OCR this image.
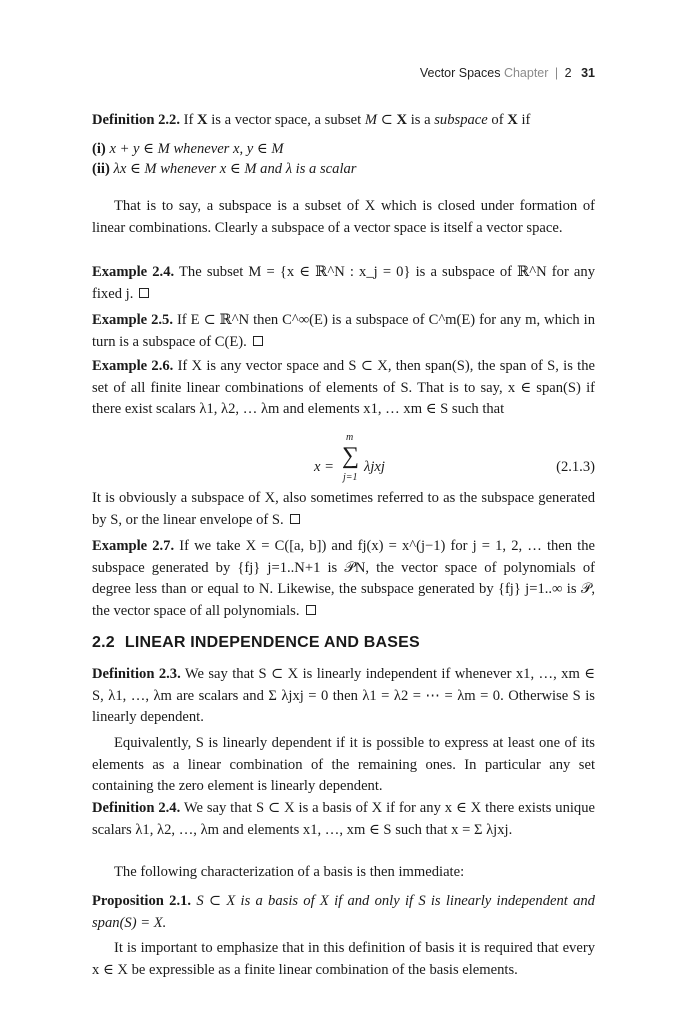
Vector Spaces Chapter | 2 31
Definition 2.2. If X is a vector space, a subset M ⊂ X is a subspace of X if
(i) x + y ∈ M whenever x, y ∈ M
(ii) λx ∈ M whenever x ∈ M and λ is a scalar
That is to say, a subspace is a subset of X which is closed under formation of linear combinations. Clearly a subspace of a vector space is itself a vector space.
Example 2.4. The subset M = {x ∈ ℝ^N : x_j = 0} is a subspace of ℝ^N for any fixed j.
Example 2.5. If E ⊂ ℝ^N then C^∞(E) is a subspace of C^m(E) for any m, which in turn is a subspace of C(E).
Example 2.6. If X is any vector space and S ⊂ X, then span(S), the span of S, is the set of all finite linear combinations of elements of S. That is to say, x ∈ span(S) if there exist scalars λ1, λ2, … λm and elements x1, … xm ∈ S such that
x =
m
∑
j=1
λjxj	(2.1.3)
It is obviously a subspace of X, also sometimes referred to as the subspace generated by S, or the linear envelope of S.
Example 2.7. If we take X = C([a, b]) and fj(x) = x^(j−1) for j = 1, 2, … then the subspace generated by {fj} j=1..N+1 is 𝒫N, the vector space of polynomials of degree less than or equal to N. Likewise, the subspace generated by {fj} j=1..∞ is 𝒫, the vector space of all polynomials.
2.2 LINEAR INDEPENDENCE AND BASES
Definition 2.3. We say that S ⊂ X is linearly independent if whenever x1, …, xm ∈ S, λ1, …, λm are scalars and Σ λjxj = 0 then λ1 = λ2 = ⋯ = λm = 0. Otherwise S is linearly dependent.
Equivalently, S is linearly dependent if it is possible to express at least one of its elements as a linear combination of the remaining ones. In particular any set containing the zero element is linearly dependent.
Definition 2.4. We say that S ⊂ X is a basis of X if for any x ∈ X there exists unique scalars λ1, λ2, …, λm and elements x1, …, xm ∈ S such that x = Σ λjxj.
The following characterization of a basis is then immediate:
Proposition 2.1. S ⊂ X is a basis of X if and only if S is linearly independent and span(S) = X.
It is important to emphasize that in this definition of basis it is required that every x ∈ X be expressible as a finite linear combination of the basis elements.
